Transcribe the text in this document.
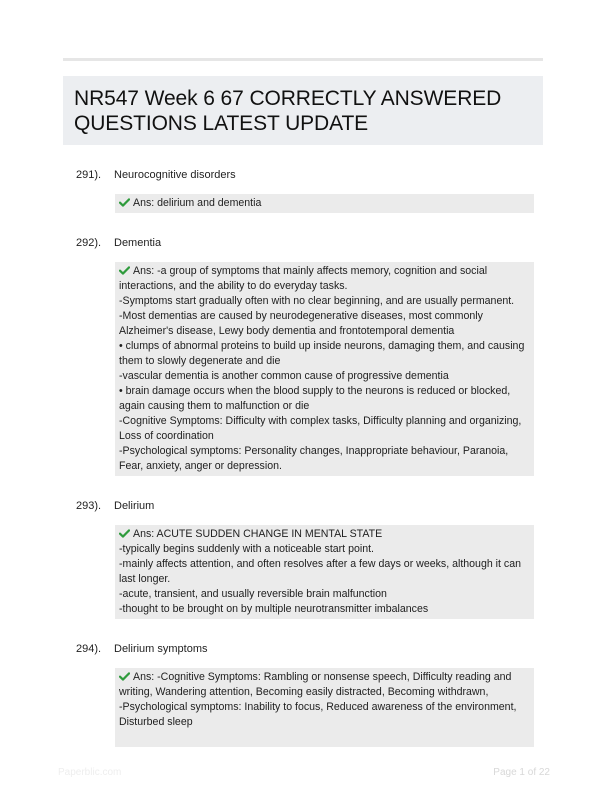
NR547 Week 6 67 CORRECTLY ANSWERED
QUESTIONS LATEST UPDATE
291). Neurocognitive disorders
Ans: delirium and dementia
292). Dementia
Ans: -a group of symptoms that mainly affects memory, cognition and social
interactions, and the ability to do everyday tasks.
-Symptoms start gradually often with no clear beginning, and are usually permanent.
-Most dementias are caused by neurodegenerative diseases, most commonly
Alzheimer's disease, Lewy body dementia and frontotemporal dementia
• clumps of abnormal proteins to build up inside neurons, damaging them, and causing
them to slowly degenerate and die
-vascular dementia is another common cause of progressive dementia
• brain damage occurs when the blood supply to the neurons is reduced or blocked,
again causing them to malfunction or die
-Cognitive Symptoms: Difficulty with complex tasks, Difficulty planning and organizing,
Loss of coordination
-Psychological symptoms: Personality changes, Inappropriate behaviour, Paranoia,
Fear, anxiety, anger or depression.
293). Delirium
Ans: ACUTE SUDDEN CHANGE IN MENTAL STATE
-typically begins suddenly with a noticeable start point.
-mainly affects attention, and often resolves after a few days or weeks, although it can
last longer.
-acute, transient, and usually reversible brain malfunction
-thought to be brought on by multiple neurotransmitter imbalances
294). Delirium symptoms
Ans: -Cognitive Symptoms: Rambling or nonsense speech, Difficulty reading and
writing, Wandering attention, Becoming easily distracted, Becoming withdrawn,
-Psychological symptoms: Inability to focus, Reduced awareness of the environment,
Disturbed sleep
Paperblic.com	Page 1 of 22
